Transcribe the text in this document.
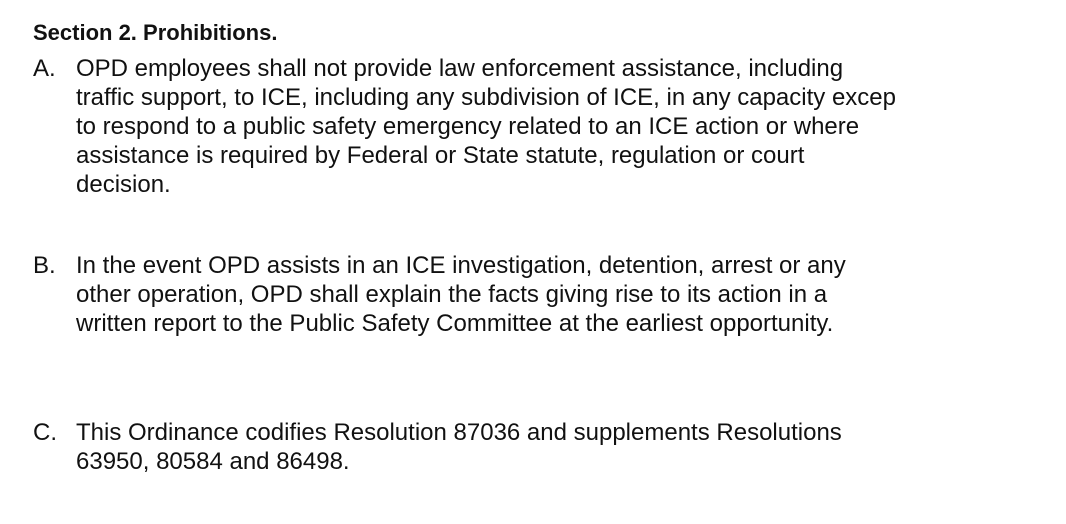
Section 2. Prohibitions.
A. OPD employees shall not provide law enforcement assistance, including
traffic support, to ICE, including any subdivision of ICE, in any capacity excep
to respond to a public safety emergency related to an ICE action or where
assistance is required by Federal or State statute, regulation or court
decision.
B. In the event OPD assists in an ICE investigation, detention, arrest or any
other operation, OPD shall explain the facts giving rise to its action in a
written report to the Public Safety Committee at the earliest opportunity.
C. This Ordinance codifies Resolution 87036 and supplements Resolutions
63950, 80584 and 86498.
